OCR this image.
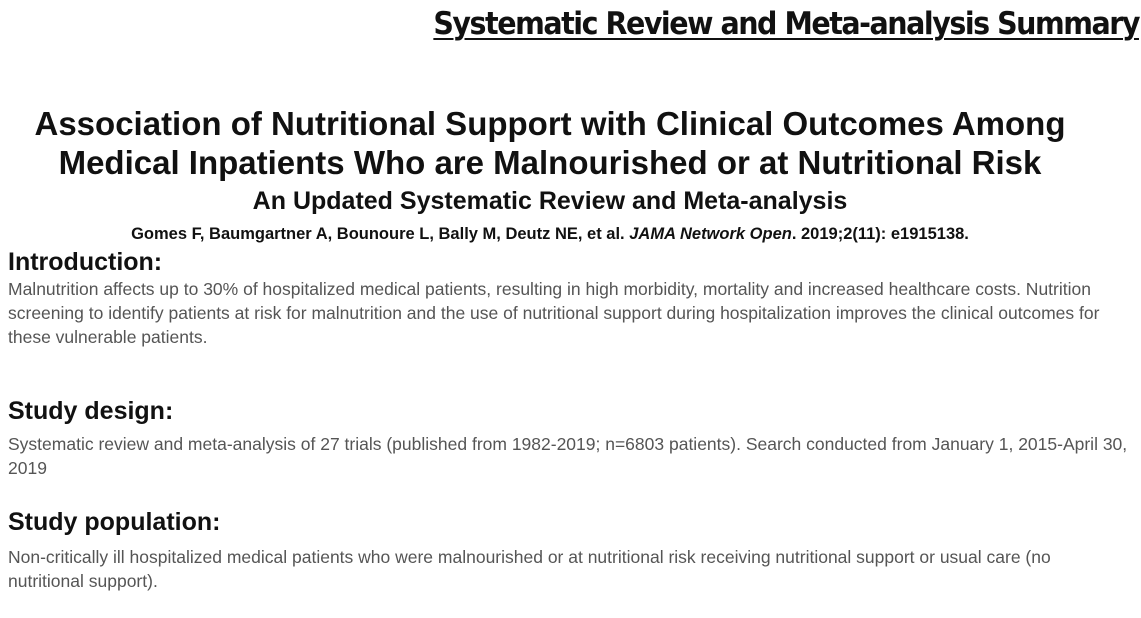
Systematic Review and Meta-analysis Summary
Association of Nutritional Support with Clinical Outcomes Among
Medical Inpatients Who are Malnourished or at Nutritional Risk
An Updated Systematic Review and Meta-analysis
Gomes F, Baumgartner A, Bounoure L, Bally M, Deutz NE, et al. JAMA Network Open. 2019;2(11): e1915138.
Introduction:
Malnutrition affects up to 30% of hospitalized medical patients, resulting in high morbidity, mortality and increased healthcare costs. Nutrition screening to identify patients at risk for malnutrition and the use of nutritional support during hospitalization improves the clinical outcomes for these vulnerable patients.
Study design:
Systematic review and meta-analysis of 27 trials (published from 1982-2019; n=6803 patients). Search conducted from January 1, 2015-April 30, 2019
Study population:
Non-critically ill hospitalized medical patients who were malnourished or at nutritional risk receiving nutritional support or usual care (no nutritional support).
